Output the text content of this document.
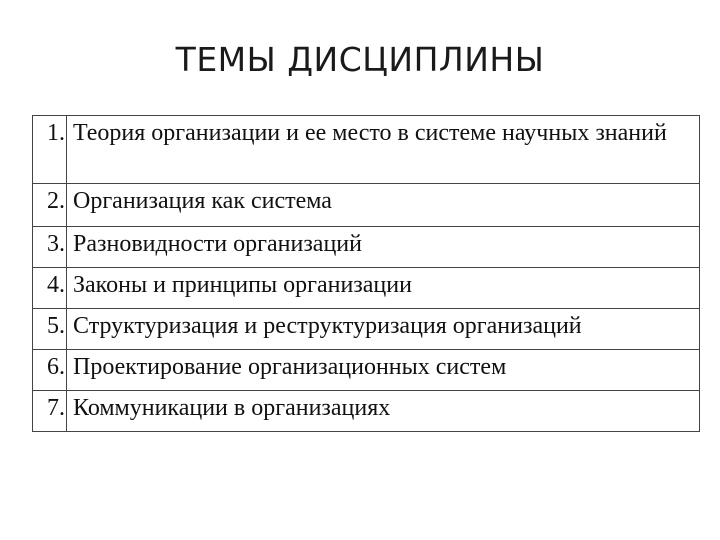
ТЕМЫ ДИСЦИПЛИНЫ
1.	Теория организации и ее место в системе научных знаний

2.	Организация как система

3.	Разновидности организаций

4.	Законы и принципы организации

5.	Структуризация и реструктуризация организаций

6.	Проектирование организационных систем

7.	Коммуникации в организациях
